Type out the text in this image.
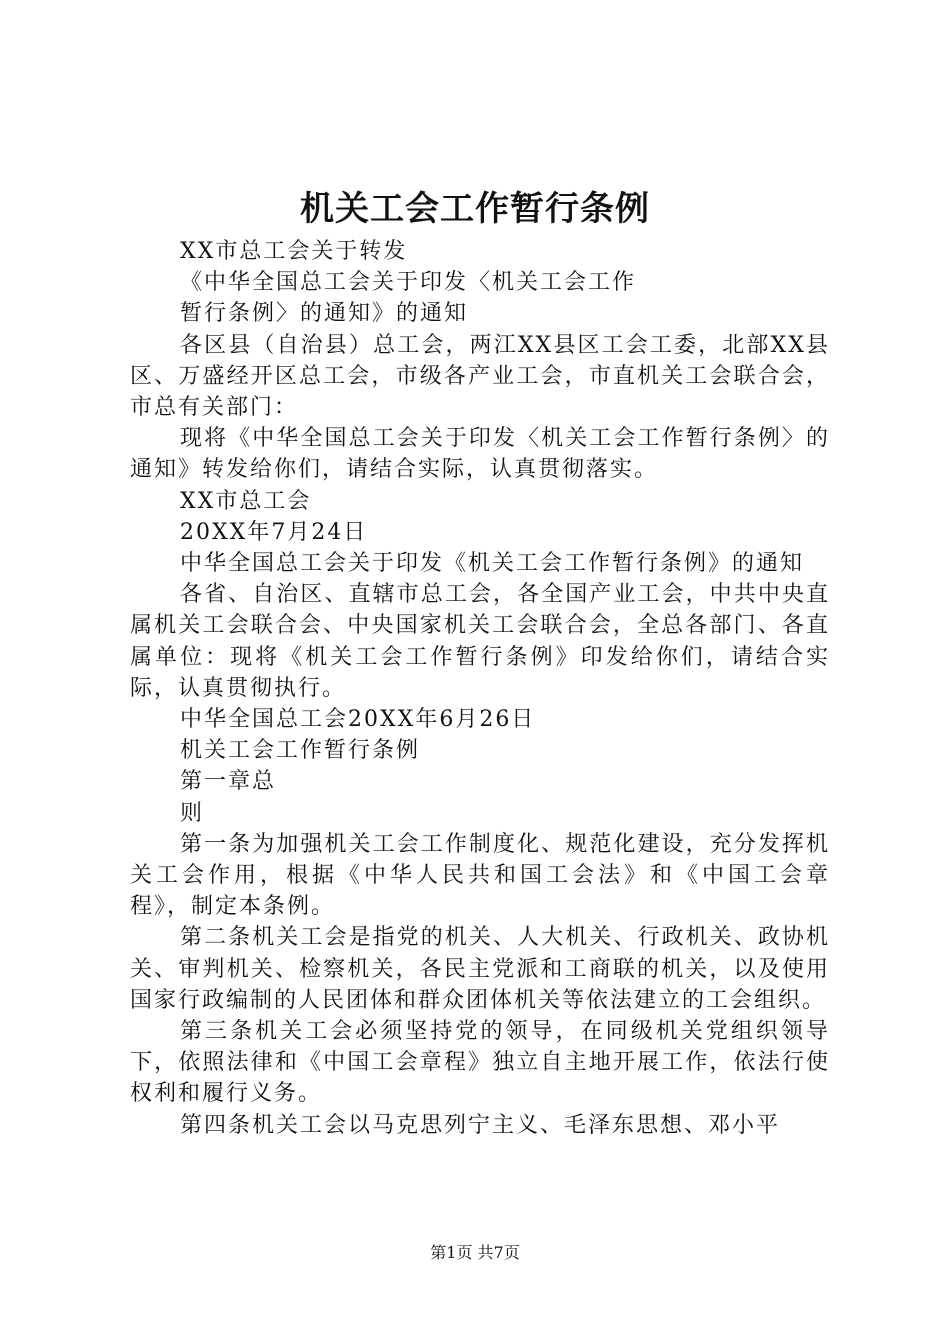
机关工会工作暂行条例

XX市总工会关于转发

《中华全国总工会关于印发〈机关工会工作

暂行条例〉的通知》的通知

各区县（自治县）总工会，两江XX县区工会工委，北部XX县区、万盛经开区总工会，市级各产业工会，市直机关工会联合会，市总有关部门：

现将《中华全国总工会关于印发〈机关工会工作暂行条例〉的通知》转发给你们，请结合实际，认真贯彻落实。

XX市总工会

20XX年7月24日

中华全国总工会关于印发《机关工会工作暂行条例》的通知

各省、自治区、直辖市总工会，各全国产业工会，中共中央直属机关工会联合会、中央国家机关工会联合会，全总各部门、各直属单位：现将《机关工会工作暂行条例》印发给你们，请结合实际，认真贯彻执行。

中华全国总工会20XX年6月26日

机关工会工作暂行条例

第一章总

则

第一条为加强机关工会工作制度化、规范化建设，充分发挥机关工会作用，根据《中华人民共和国工会法》和《中国工会章程》，制定本条例。

第二条机关工会是指党的机关、人大机关、行政机关、政协机关、审判机关、检察机关，各民主党派和工商联的机关，以及使用国家行政编制的人民团体和群众团体机关等依法建立的工会组织。

第三条机关工会必须坚持党的领导，在同级机关党组织领导下，依照法律和《中国工会章程》独立自主地开展工作，依法行使权利和履行义务。

第四条机关工会以马克思列宁主义、毛泽东思想、邓小平

第1页 共7页
